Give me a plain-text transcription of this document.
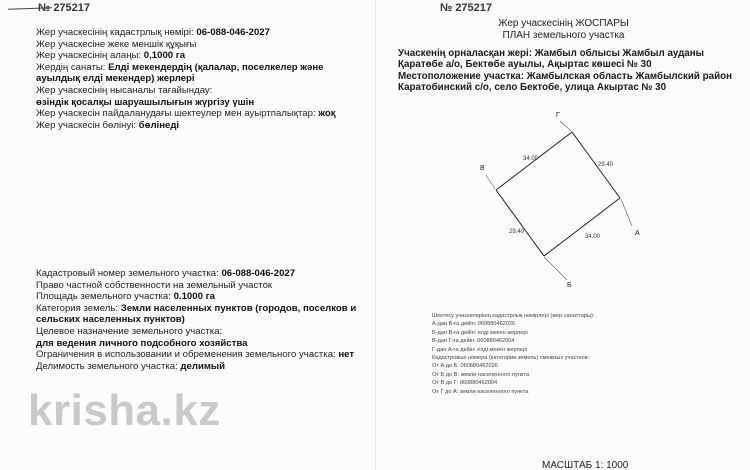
№ 275217
Жер учаскесінің кадастрлық нөмірі: 06-088-046-2027
Жер учаскесіне жеке меншік құқығы
Жер учаскесінің алаңы: 0,1000 га
Жердің санаты: Елді мекендердің (қалалар, поселкелер және
ауылдық елді мекендер) жерлері
Жер учаскесінің нысаналы тағайындау:
өзіндік қосалқы шаруашылығын жүргізу үшін
Жер учаскесін пайдаланудағы шектеулер мен ауыртпалықтар: жоқ
Жер учаскесін бөлінуі: бөлінеді
Кадастровый номер земельного участка: 06-088-046-2027
Право частной собственности на земельный участок
Площадь земельного участка: 0.1000 га
Категория земель: Земли населенных пунктов (городов, поселков и
сельских населенных пунктов)
Целевое назначение земельного участка:
для ведения личного подсобного хозяйства
Ограничения в использовании и обременения земельного участка: нет
Делимость земельного участка: делимый
krisha.kz
№ 275217
Жер учаскесінің ЖОСПАРЫ
ПЛАН земельного участка
Учаскенің орналасқан жері: Жамбыл облысы Жамбыл ауданы
Қаратөбе а/о, Бектөбе ауылы, Ақыртас көшесі № 30
Местоположение участка: Жамбылская область Жамбылский район
Каратобинский с/о, село Бектобе, улица Акыртас № 30
34.00
29.40
29.40
34.00	А
Б
В
Г
Шектесу учаскелерінің кадастрлық нөмірлері (жер санаттары):
А-дан Б-ға дейін: 060880462026
Б-дан В-ға дейін: елді мекен жерлері
В-дан Г-ға дейін: 060880462004
Г-дан А-ға дейін: елді мекен жерлері
Кадастровые номера (категории земель) смежных участков:
От А до Б: 060880462026
От Б до В: земли населенного пункта
От В до Г: 060880462004
От Г до А: земли населенного пункта
МАСШТАБ 1: 1000
